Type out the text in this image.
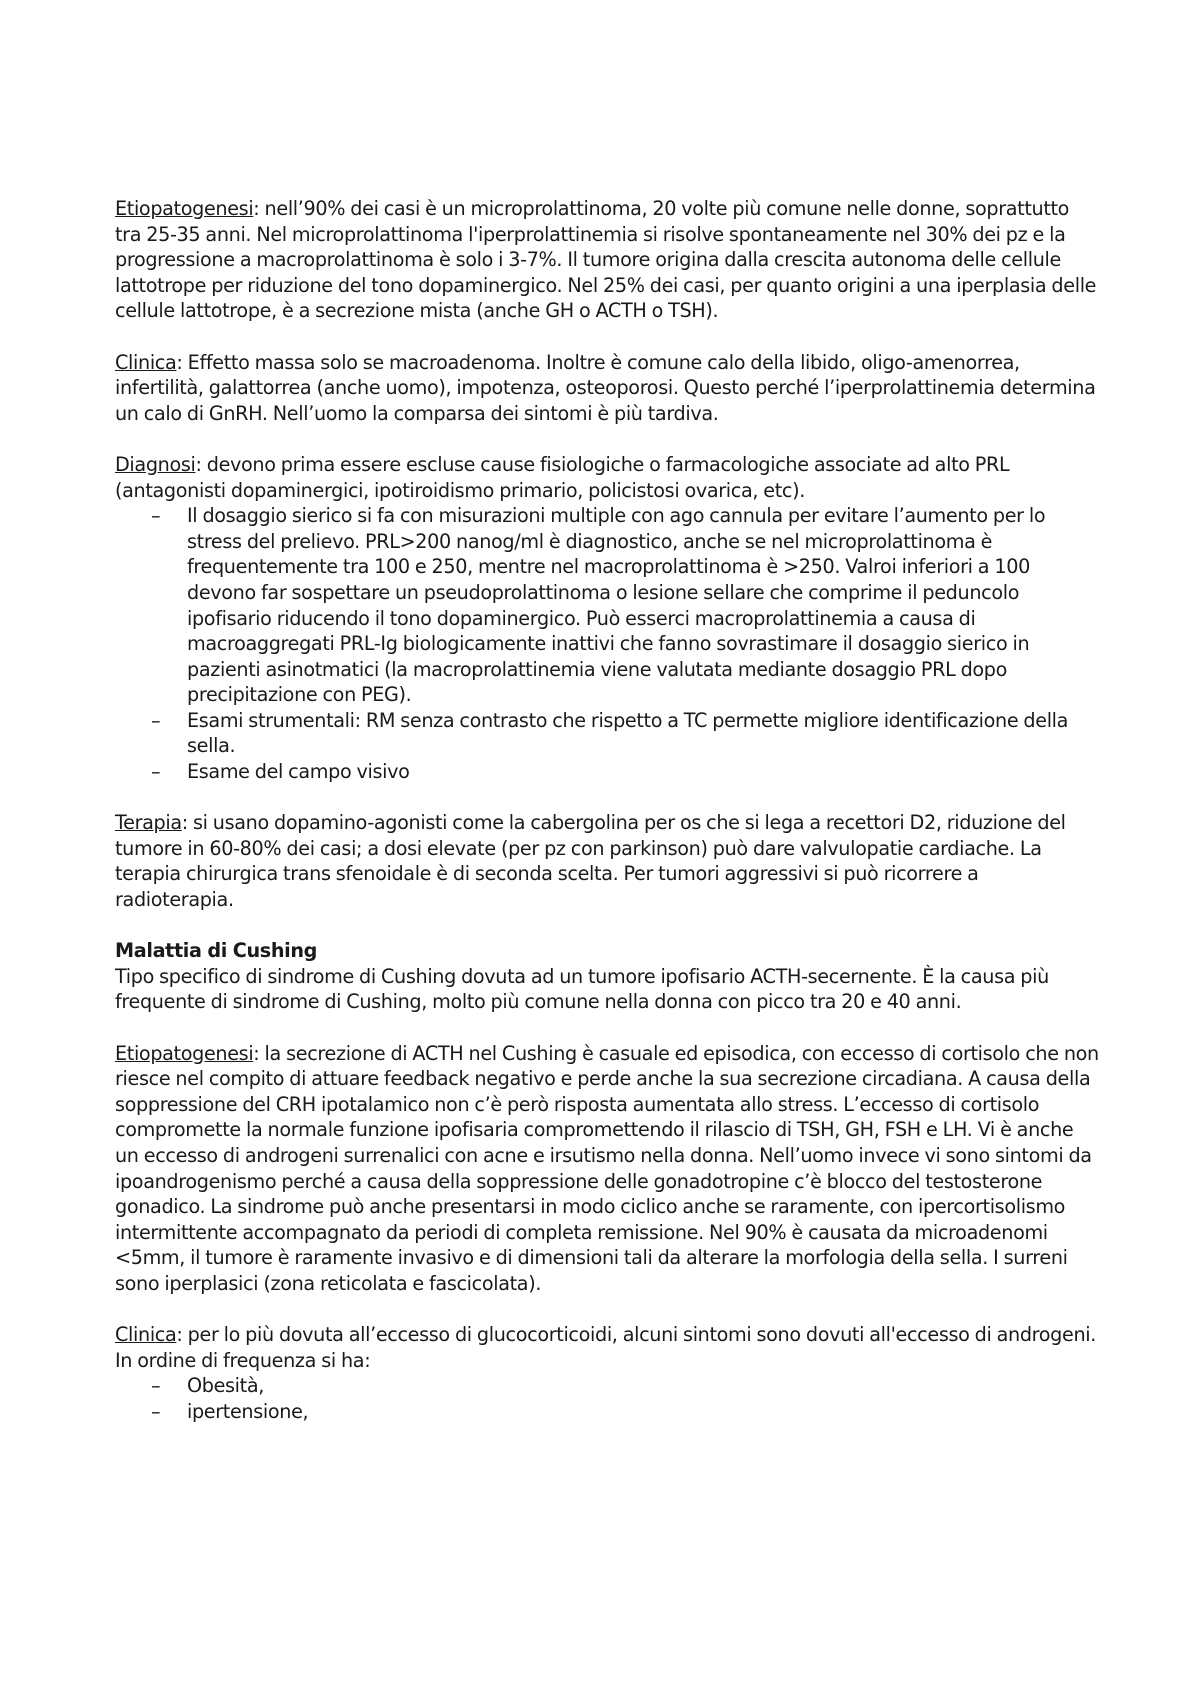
Etiopatogenesi: nell’90% dei casi è un microprolattinoma, 20 volte più comune nelle donne, soprattutto tra 25-35 anni. Nel microprolattinoma l'iperprolattinemia si risolve spontaneamente nel 30% dei pz e la progressione a macroprolattinoma è solo i 3-7%. Il tumore origina dalla crescita autonoma delle cellule lattotrope per riduzione del tono dopaminergico. Nel 25% dei casi, per quanto origini a una iperplasia delle cellule lattotrope, è a secrezione mista (anche GH o ACTH o TSH).

Clinica: Effetto massa solo se macroadenoma. Inoltre è comune calo della libido, oligo-amenorrea, infertilità, galattorrea (anche uomo), impotenza, osteoporosi. Questo perché l’iperprolattinemia determina un calo di GnRH. Nell’uomo la comparsa dei sintomi è più tardiva.

Diagnosi: devono prima essere escluse cause fisiologiche o farmacologiche associate ad alto PRL (antagonisti dopaminergici, ipotiroidismo primario, policistosi ovarica, etc).

– Il dosaggio sierico si fa con misurazioni multiple con ago cannula per evitare l’aumento per lo stress del prelievo. PRL>200 nanog/ml è diagnostico, anche se nel microprolattinoma è frequentemente tra 100 e 250, mentre nel macroprolattinoma è >250. Valroi inferiori a 100 devono far sospettare un pseudoprolattinoma o lesione sellare che comprime il peduncolo ipofisario riducendo il tono dopaminergico. Può esserci macroprolattinemia a causa di macroaggregati PRL-Ig biologicamente inattivi che fanno sovrastimare il dosaggio sierico in pazienti asinotmatici (la macroprolattinemia viene valutata mediante dosaggio PRL dopo precipitazione con PEG).
– Esami strumentali: RM senza contrasto che rispetto a TC permette migliore identificazione della sella.
– Esame del campo visivo

Terapia: si usano dopamino-agonisti come la cabergolina per os che si lega a recettori D2, riduzione del tumore in 60-80% dei casi; a dosi elevate (per pz con parkinson) può dare valvulopatie cardiache. La terapia chirurgica trans sfenoidale è di seconda scelta. Per tumori aggressivi si può ricorrere a radioterapia.

Malattia di Cushing

Tipo specifico di sindrome di Cushing dovuta ad un tumore ipofisario ACTH-secernente. È la causa più frequente di sindrome di Cushing, molto più comune nella donna con picco tra 20 e 40 anni.

Etiopatogenesi: la secrezione di ACTH nel Cushing è casuale ed episodica, con eccesso di cortisolo che non riesce nel compito di attuare feedback negativo e perde anche la sua secrezione circadiana. A causa della soppressione del CRH ipotalamico non c’è però risposta aumentata allo stress. L’eccesso di cortisolo compromette la normale funzione ipofisaria compromettendo il rilascio di TSH, GH, FSH e LH. Vi è anche un eccesso di androgeni surrenalici con acne e irsutismo nella donna. Nell’uomo invece vi sono sintomi da ipoandrogenismo perché a causa della soppressione delle gonadotropine c’è blocco del testosterone gonadico. La sindrome può anche presentarsi in modo ciclico anche se raramente, con ipercortisolismo intermittente accompagnato da periodi di completa remissione. Nel 90% è causata da microadenomi <5mm, il tumore è raramente invasivo e di dimensioni tali da alterare la morfologia della sella. I surreni sono iperplasici (zona reticolata e fascicolata).

Clinica: per lo più dovuta all’eccesso di glucocorticoidi, alcuni sintomi sono dovuti all'eccesso di androgeni. In ordine di frequenza si ha:

– Obesità,
– ipertensione,
